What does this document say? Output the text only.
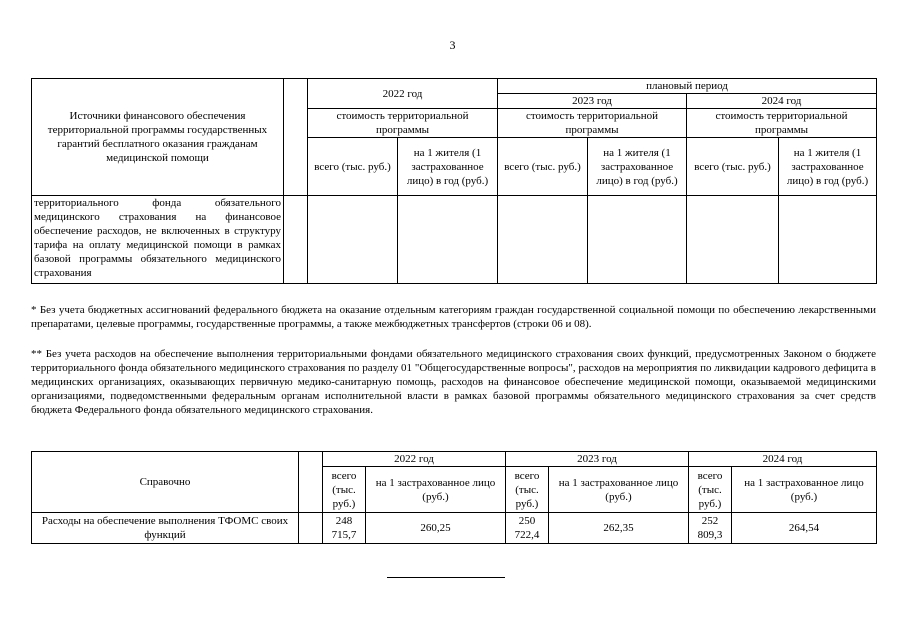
3
Источники финансового обеспечения территориальной программы государственных гарантий бесплатного оказания гражданам медицинской помощи		2022 год		плановый период			
				2023 год		2024 год	
		стоимость территориальной программы		стоимость территориальной программы		стоимость территориальной программы	
		всего (тыс. руб.)	на 1 жителя (1 застрахованное лицо) в год (руб.)	всего (тыс. руб.)	на 1 жителя (1 застрахованное лицо) в год (руб.)	всего (тыс. руб.)	на 1 жителя (1 застрахованное лицо) в год (руб.)
территориального фонда обязательного медицинского страхования на финансовое обеспечение расходов, не включенных в структуру тарифа на оплату медицинской помощи в рамках базовой программы обязательного медицинского страхования							

* Без учета бюджетных ассигнований федерального бюджета на оказание отдельным категориям граждан государственной социальной помощи по обеспечению лекарственными препаратами, целевые программы, государственные программы, а также межбюджетных трансфертов (строки 06 и 08).

** Без учета расходов на обеспечение выполнения территориальными фондами обязательного медицинского страхования своих функций, предусмотренных Законом о бюджете территориального фонда обязательного медицинского страхования по разделу 01 "Общегосударственные вопросы", расходов на мероприятия по ликвидации кадрового дефицита в медицинских организациях, оказывающих первичную медико-санитарную помощь, расходов на финансовое обеспечение медицинской помощи, оказываемой медицинскими организациями, подведомственными федеральным органам исполнительной власти в рамках базовой программы обязательного медицинского страхования за счет средств бюджета Федерального фонда обязательного медицинского страхования.

Справочно		2022 год		2023 год		2024 год	
		всего (тыс. руб.)	на 1 застрахованное лицо (руб.)	всего (тыс. руб.)	на 1 застрахованное лицо (руб.)	всего (тыс. руб.)	на 1 застрахованное лицо (руб.)
Расходы на обеспечение выполнения ТФОМС своих функций		248 715,7	260,25	250 722,4	262,35	252 809,3	264,54
